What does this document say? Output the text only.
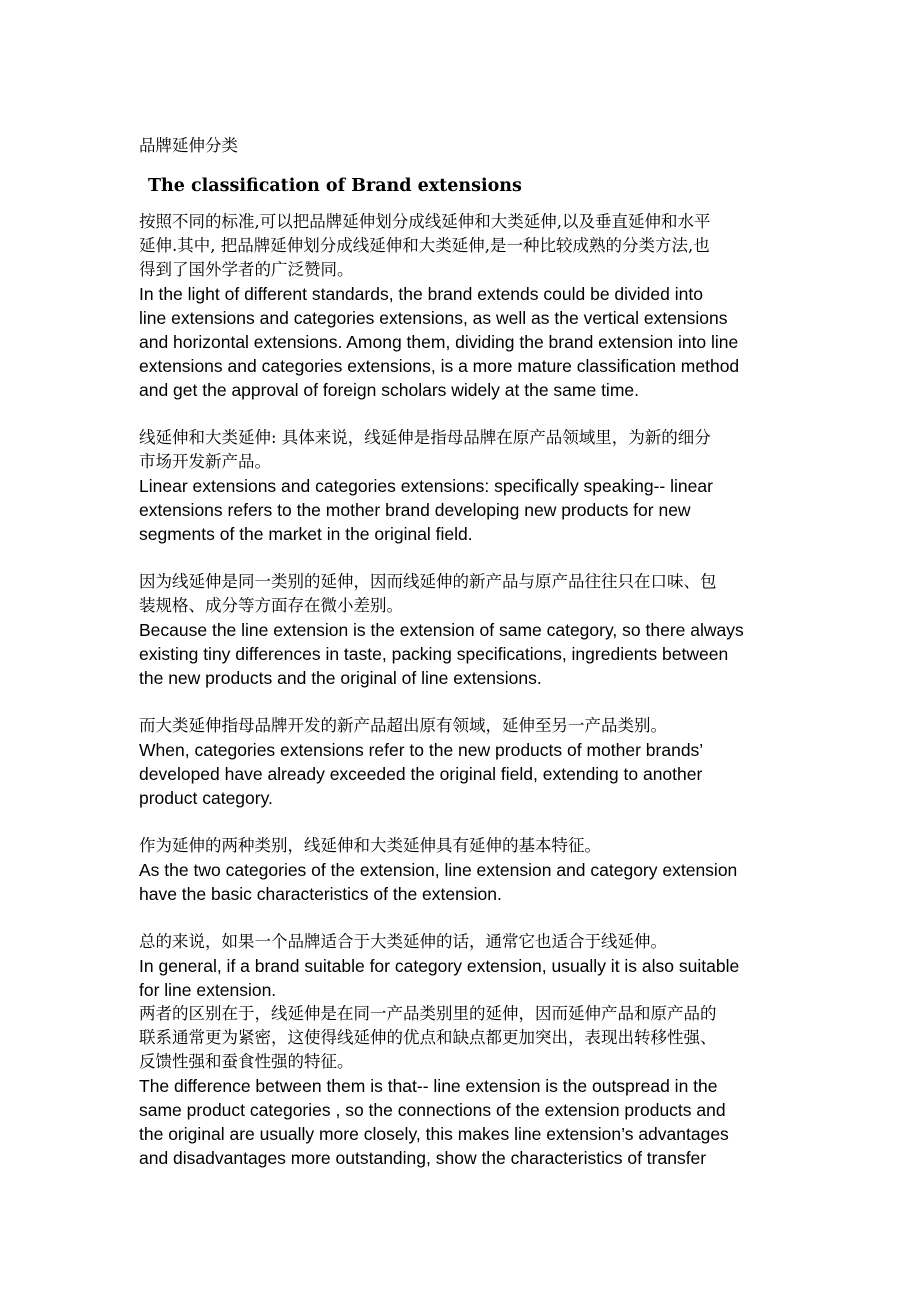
品牌延伸分类

The classification of Brand extensions

按照不同的标准,可以把品牌延伸划分成线延伸和大类延伸,以及垂直延伸和水平
延伸.其中, 把品牌延伸划分成线延伸和大类延伸,是一种比较成熟的分类方法,也
得到了国外学者的广泛赞同。

In the light of different standards, the brand extends could be divided into
line extensions and categories extensions, as well as the vertical extensions
and horizontal extensions. Among them, dividing the brand extension into line
extensions and categories extensions, is a more mature classification method
and get the approval of foreign scholars widely at the same time.

线延伸和大类延伸: 具体来说，线延伸是指母品牌在原产品领域里，为新的细分
市场开发新产品。

Linear extensions and categories extensions: specifically speaking-- linear
extensions refers to the mother brand developing new products for new
segments of the market in the original field.

因为线延伸是同一类别的延伸，因而线延伸的新产品与原产品往往只在口味、包
装规格、成分等方面存在微小差别。

Because the line extension is the extension of same category, so there always
existing tiny differences in taste, packing specifications, ingredients between
the new products and the original of line extensions.

而大类延伸指母品牌开发的新产品超出原有领域，延伸至另一产品类别。

When, categories extensions refer to the new products of mother brands’
developed have already exceeded the original field, extending to another
product category.

作为延伸的两种类别，线延伸和大类延伸具有延伸的基本特征。

As the two categories of the extension, line extension and category extension
have the basic characteristics of the extension.

总的来说，如果一个品牌适合于大类延伸的话，通常它也适合于线延伸。

In general, if a brand suitable for category extension, usually it is also suitable
for line extension.

两者的区别在于，线延伸是在同一产品类别里的延伸，因而延伸产品和原产品的
联系通常更为紧密，这使得线延伸的优点和缺点都更加突出，表现出转移性强、
反馈性强和蚕食性强的特征。

The difference between them is that-- line extension is the outspread in the
same product categories , so the connections of the extension products and
the original are usually more closely, this makes line extension’s advantages
and disadvantages more outstanding, show the characteristics of transfer
